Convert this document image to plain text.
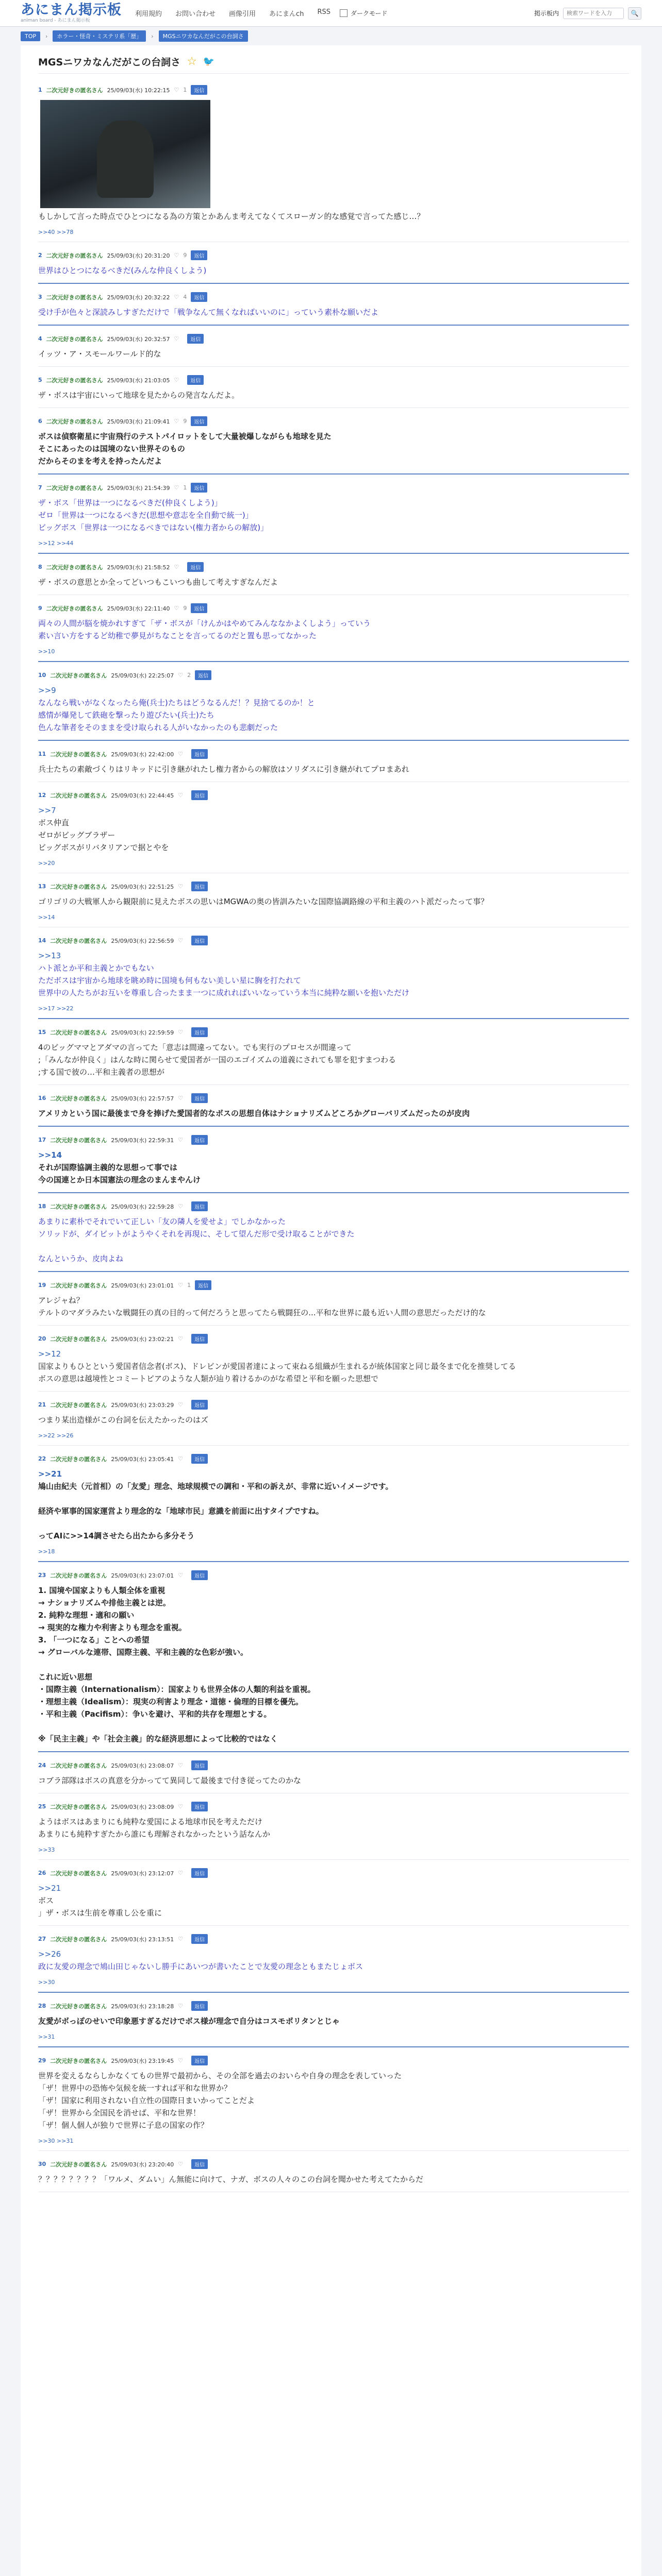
あにまん掲示板
animan board - あにまん掲示板
利用規約 お問い合わせ 画像引用 あにまんch RSS	ダークモード	掲示板内
検索ワードを入力	🔍
TOP	›	ホラー・怪奇・ミステリ系「歴」	›	MGSニワカなんだがこの台詞さ
MGSニワカなんだがこの台詞さ ☆ 🐦
1 二次元好きの匿名さん 25/09/03(水) 10:22:15 ♡ 1	返信
もしかして言った時点でひとつになる為の方策とかあんま考えてなくてスローガン的な感覚で言ってた感じ…？
>>40 >>78
2 二次元好きの匿名さん 25/09/03(水) 20:31:20 ♡ 9	返信
世界はひとつになるべきだ(みんな仲良くしよう)
3 二次元好きの匿名さん 25/09/03(水) 20:32:22 ♡ 4	返信
受け手が色々と深読みしすぎただけで「戦争なんて無くなればいいのに」っていう素朴な願いだよ
4 二次元好きの匿名さん 25/09/03(水) 20:32:57 ♡	返信
イッツ・ア・スモールワールド的な
5 二次元好きの匿名さん 25/09/03(水) 21:03:05 ♡	返信
ザ・ボスは宇宙にいって地球を見たからの発言なんだよ。
6 二次元好きの匿名さん 25/09/03(水) 21:09:41 ♡ 9	返信
ボスは偵察衛星に宇宙飛行のテストパイロットをして大量被爆しながらも地球を見た
そこにあったのは国境のない世界そのもの
だからそのまを考えを持ったんだよ
7 二次元好きの匿名さん 25/09/03(水) 21:54:39 ♡ 1	返信
ザ・ボス「世界は一つになるべきだ(仲良くしよう)」
ゼロ「世界は一つになるべきだ(思想や意志を全自動で統一)」
ビッグボス「世界は一つになるべきではない(権力者からの解放)」
>>12 >>44
8 二次元好きの匿名さん 25/09/03(水) 21:58:52 ♡	返信
ザ・ボスの意思とか全ってどいつもこいつも曲して考えすぎなんだよ
9 二次元好きの匿名さん 25/09/03(水) 22:11:40 ♡ 9	返信
両々の人間が脳を焼かれすぎて「ザ・ボスが「けんかはやめてみんななかよくしよう」っていう
素い言い方をするど幼稚で夢見がちなことを言ってるのだと置も思ってなかった
>>10
10 二次元好きの匿名さん 25/09/03(水) 22:25:07 ♡ 2	返信
>>9
なんなら戦いがなくなったら俺(兵士)たちはどうなるんだ！？見捨てるのか！と
感情が爆発して鉄砲を撃ったり遊びたい(兵士)たち
色んな筆者をそのままを受け取られる人がいなかったのも悲劇だった
11 二次元好きの匿名さん 25/09/03(水) 22:42:00 ♡	返信
兵士たちの素敵づくりはリキッドに引き継がれたし権力者からの解放はソリダスに引き継がれてプロまあれ
12 二次元好きの匿名さん 25/09/03(水) 22:44:45 ♡	返信
>>7
ボス仲直
ゼロがビッグブラザー
ビッグボスがリバタリアンで据とやを
>>20
13 二次元好きの匿名さん 25/09/03(水) 22:51:25 ♡	返信
ゴリゴリの大戦軍人から観限前に見えたボスの思いはMGWAの奥の皆訓みたいな国際協調路線の平和主義のハト派だったって事？
>>14
14 二次元好きの匿名さん 25/09/03(水) 22:56:59 ♡	返信
>>13
ハト派とか平和主義とかでもない
ただボスは宇宙から地球を眺め時に国境も何もない美しい星に胸を打たれて
世界中の人たちがお互いを尊重し合ったまま一つに成れればいいなっていう本当に純粋な願いを抱いただけ
>>17 >>22
15 二次元好きの匿名さん 25/09/03(水) 22:59:59 ♡	返信
4のビッグママとアダマの言ってた「意志は間違ってない。でも実行のプロセスが間違って
;「みんなが仲良く」はんな時に関らせて愛国者が一国のエゴイズムの道義にされても罪を犯すまつわる
;する国で彼の…平和主義者の思想が
16 二次元好きの匿名さん 25/09/03(水) 22:57:57 ♡	返信
アメリカという国に最後まで身を捧げた愛国者的なボスの思想自体はナショナリズムどころかグローバリズムだったのが皮肉
17 二次元好きの匿名さん 25/09/03(水) 22:59:31 ♡	返信
>>14
それが国際協調主義的な思想って事では
今の国連とか日本国憲法の理念のまんまやんけ
18 二次元好きの匿名さん 25/09/03(水) 22:59:28 ♡	返信
あまりに素朴でそれでいて正しい「友の隣人を愛せよ」でしかなかった
ソリッドが、ダイビットがようやくそれを再現に、そして望んだ形で受け取ることができた

なんというか、皮肉よね
19 二次元好きの匿名さん 25/09/03(水) 23:01:01 ♡ 1	返信
アレジャね？
テルトのマダラみたいな戦闘狂の真の目的って何だろうと思ってたら戦闘狂の...平和な世界に最も近い人間の意思だっただけ的な
20 二次元好きの匿名さん 25/09/03(水) 23:02:21 ♡	返信
>>12
国家よりもひとという愛国者信念者(ボス)、ドレビンが愛国者達によって束ねる組織が生まれるが統体国家と同じ最冬まで化を推奨してる
ボスの意思は越境性とコミートピアのような人類が辿り着けるかのがな希望と平和を願った思想で
21 二次元好きの匿名さん 25/09/03(水) 23:03:29 ♡	返信
つまり某出造様がこの台詞を伝えたかったのはズ
>>22 >>26
22 二次元好きの匿名さん 25/09/03(水) 23:05:41 ♡	返信
>>21
鳩山由紀夫（元首相）の「友愛」理念、地球規模での調和・平和の訴えが、非常に近いイメージです。

経済や軍事的国家運営より理念的な「地球市民」意識を前面に出すタイプですね。

ってAIに>>14調させたら出たから多分そう
>>18
23 二次元好きの匿名さん 25/09/03(水) 23:07:01 ♡	返信
1. 国境や国家よりも人類全体を重視
→ ナショナリズムや排他主義とは逆。
2. 純粋な理想・適和の願い
→ 現実的な権力や利害よりも理念を重視。
3. 「一つになる」ことへの希望
→ グローバルな連帯、国際主義、平和主義的な色彩が強い。

これに近い思想
・国際主義（Internationalism）：国家よりも世界全体の人類的利益を重視。
・理想主義（Idealism）：現実の利害より理念・道徳・倫理的目標を優先。
・平和主義（Pacifism）：争いを避け、平和的共存を理想とする。

※「民主主義」や「社会主義」的な経済思想によって比較的ではなく
24 二次元好きの匿名さん 25/09/03(水) 23:08:07 ♡	返信
コブラ部隊はボスの真意を分かってて異同して最後まで付き従ってたのかな
25 二次元好きの匿名さん 25/09/03(水) 23:08:09 ♡	返信
ようはボスはあまりにも純粋な愛国による地球市民を考えただけ
あまりにも純粋すぎたから誰にも理解されなかったという話なんか
>>33
26 二次元好きの匿名さん 25/09/03(水) 23:12:07 ♡	返信
>>21
ボス
」ザ・ボスは生前を尊重し公を重に
27 二次元好きの匿名さん 25/09/03(水) 23:13:51 ♡	返信
>>26
政に友愛の理念で鳩山田じゃないし勝手にあいつが書いたことで友愛の理念ともまたじょボス
>>30
28 二次元好きの匿名さん 25/09/03(水) 23:18:28 ♡	返信
友愛がボっぽのせいで印象悪すぎるだけでボス様が理念で自分はコスモポリタンとじゃ
>>31
29 二次元好きの匿名さん 25/09/03(水) 23:19:45 ♡	返信
世界を変えるならしかなくてもの世界で最初から、その全部を過去のおいらや自身の理念を表していった
「ザ！世界中の恐怖や気候を統一すれば平和な世界か？
「ザ！国家に利用されない自立性の国際日まいかってことだよ
「ザ！世界から全国民を消せば、平和な世界！
「ザ！個人個人が独りで世界に子息の国家の作？
>>30 >>31
30 二次元好きの匿名さん 25/09/03(水) 23:20:40 ♡	返信
？？？？？？？？「ワルメ、ダムい」ん無能に向けて、ナガ、ボスの人々のこの台詞を聞かせた考えてたからだ
